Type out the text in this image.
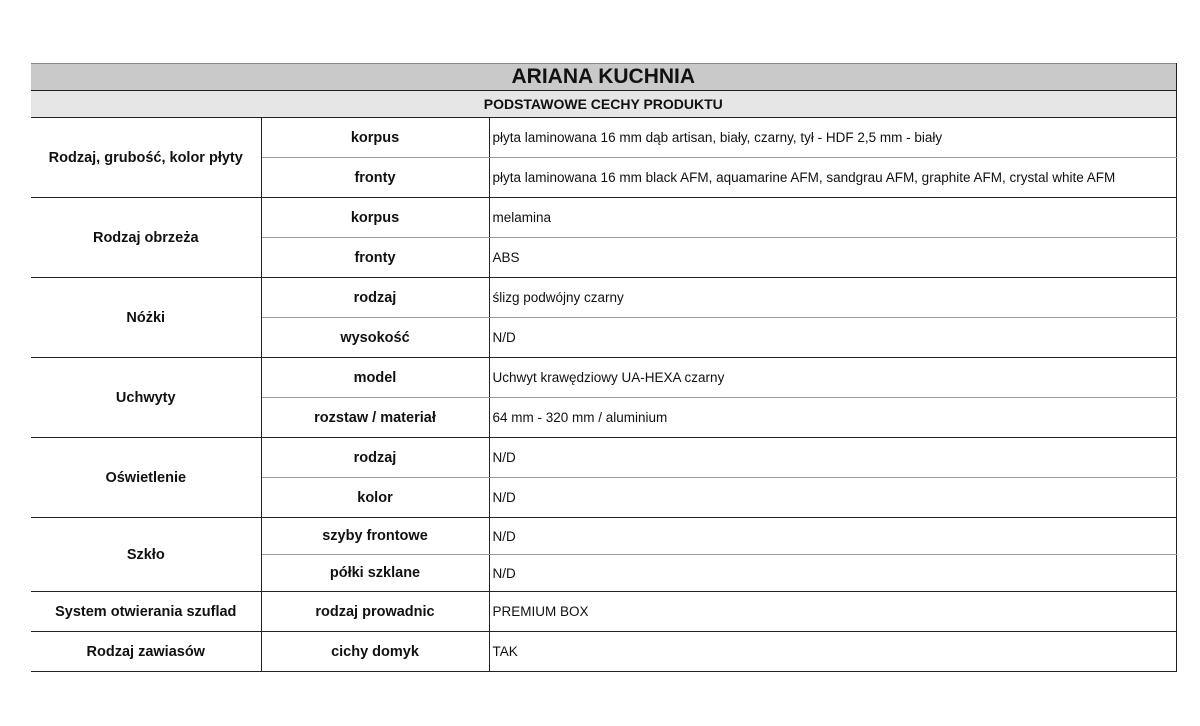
ARIANA KUCHNIA		
PODSTAWOWE CECHY PRODUKTU		
Rodzaj, grubość, kolor płyty	korpus	płyta laminowana 16 mm dąb artisan, biały, czarny, tył - HDF 2,5 mm - biały
	fronty	płyta laminowana 16 mm black AFM, aquamarine AFM, sandgrau AFM, graphite AFM, crystal white AFM
Rodzaj obrzeża	korpus	melamina
	fronty	ABS
Nóżki	rodzaj	ślizg podwójny czarny
	wysokość	N/D
Uchwyty	model	Uchwyt krawędziowy UA-HEXA czarny
	rozstaw / materiał	64 mm - 320 mm / aluminium
Oświetlenie	rodzaj	N/D
	kolor	N/D
Szkło	szyby frontowe	N/D
	półki szklane	N/D
System otwierania szuflad	rodzaj prowadnic	PREMIUM BOX
Rodzaj zawiasów	cichy domyk	TAK
